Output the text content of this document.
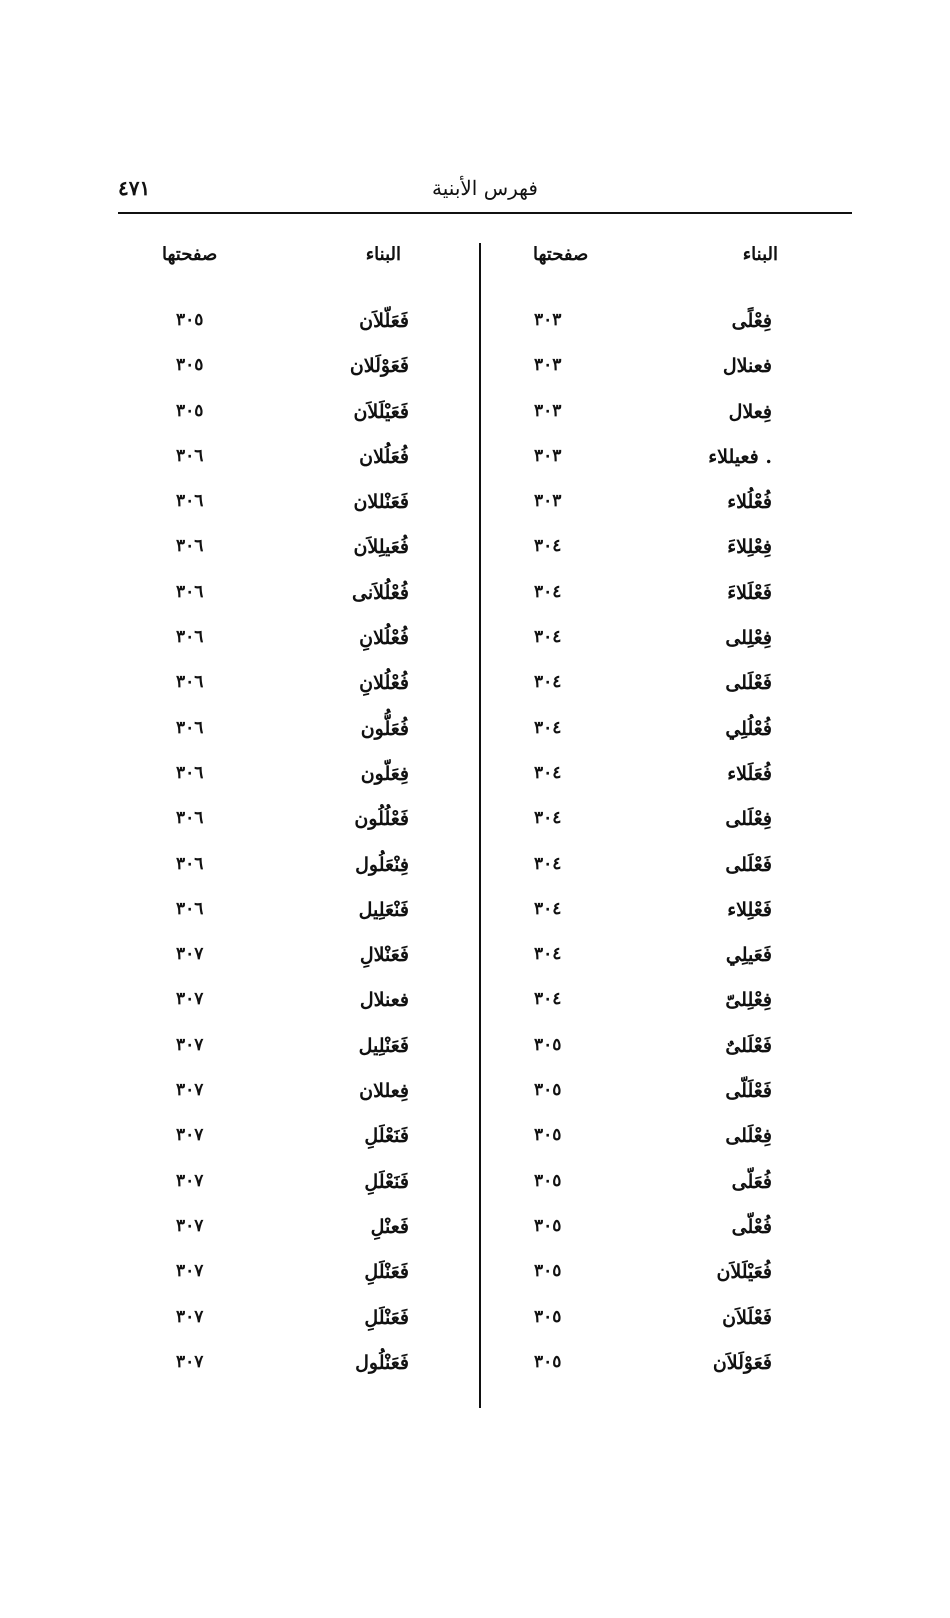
فهرس الأبنية
٤٧١
البناء
صفحتها
البناء
صفحتها
فِعْلًى
٣٠٣
فعنلال
٣٠٣
فِعلال
٣٠٣
. فعيللاء
٣٠٣
فُعْلُلاء
٣٠٣
فِعْلِلاءَ
٣٠٤
فَعْلَلاءَ
٣٠٤
فِعْلِلى
٣٠٤
فَعْلَلى
٣٠٤
فُعْلُلِي
٣٠٤
فُعَلَلاء
٣٠٤
فِعْلَلى
٣٠٤
فَعْلَلى
٣٠٤
فَعْلِلاء
٣٠٤
فَعَيلِي
٣٠٤
فِعْلِلىّ
٣٠٤
فَعْلَلىٌ
٣٠٥
فَعْلَلّى
٣٠٥
فِعْلَلى
٣٠٥
فُعَلّى
٣٠٥
فُعْلّى
٣٠٥
فُعَيْلَلاَن
٣٠٥
فَعْلَلاَن
٣٠٥
فَعَوْلَلاَن
٣٠٥
فَعَلّلاَن
٣٠٥
فَعَوْلَلان
٣٠٥
فَعَيْلَلاَن
٣٠٥
فُعَلُلان
٣٠٦
فَعَنْللان
٣٠٦
فُعَيلِلاَن
٣٠٦
فُعْلُلاَنى
٣٠٦
فُعْلُلانِ
٣٠٦
فُعْلُلانِ
٣٠٦
فُعَلُّون
٣٠٦
فِعَلّون
٣٠٦
فَعْلُلُون
٣٠٦
فِنْعَلُول
٣٠٦
فَنْعَلِيل
٣٠٦
فَعَنْلالِ
٣٠٧
فعنلال
٣٠٧
فَعَنْلِيل
٣٠٧
فِعللان
٣٠٧
فَنَعْلَلِ
٣٠٧
فَنَعْلَلِ
٣٠٧
فَعنْلِ
٣٠٧
فَعَنْلَلِ
٣٠٧
فَعَنْلَلِ
٣٠٧
فَعَنْلُول
٣٠٧
